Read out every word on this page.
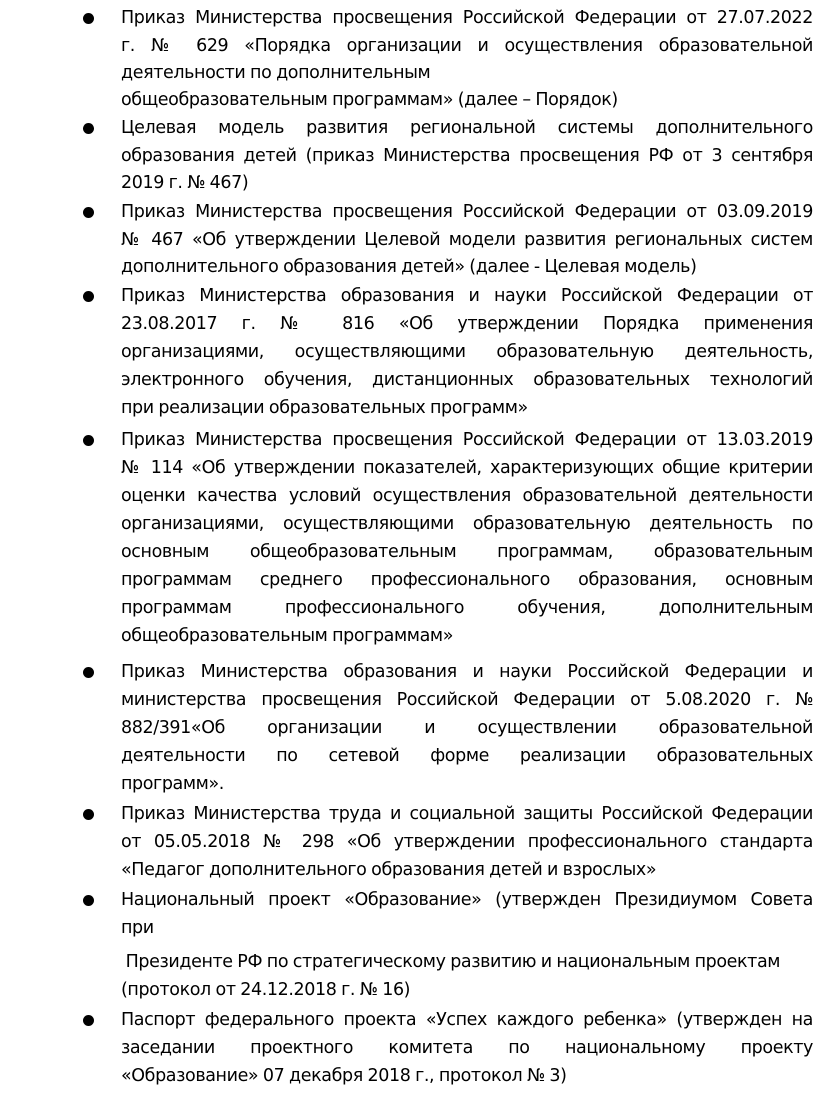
Приказ Министерства просвещения Российской Федерации от 27.07.2022
г. № 629 «Порядка организации и осуществления образовательной
деятельности по дополнительным
общеобразовательным программам» (далее – Порядок)
Целевая модель развития региональной системы дополнительного
образования детей (приказ Министерства просвещения РФ от 3 сентября
2019 г. № 467)
Приказ Министерства просвещения Российской Федерации от 03.09.2019
№ 467 «Об утверждении Целевой модели развития региональных систем
дополнительного образования детей» (далее - Целевая модель)
Приказ Министерства образования и науки Российской Федерации от
23.08.2017 г. № 816 «Об утверждении Порядка применения
организациями, осуществляющими образовательную деятельность,
электронного обучения, дистанционных образовательных технологий
при реализации образовательных программ»
Приказ Министерства просвещения Российской Федерации от 13.03.2019
№ 114 «Об утверждении показателей, характеризующих общие критерии
оценки качества условий осуществления образовательной деятельности
организациями, осуществляющими образовательную деятельность по
основным общеобразовательным программам, образовательным
программам среднего профессионального образования, основным
программам профессионального обучения, дополнительным
общеобразовательным программам»
Приказ Министерства образования и науки Российской Федерации и
министерства просвещения Российской Федерации от 5.08.2020 г. №
882/391«Об организации и осуществлении образовательной
деятельности по сетевой форме реализации образовательных
программ».
Приказ Министерства труда и социальной защиты Российской Федерации
от 05.05.2018 № 298 «Об утверждении профессионального стандарта
«Педагог дополнительного образования детей и взрослых»
Национальный проект «Образование» (утвержден Президиумом Совета
при
Президенте РФ по стратегическому развитию и национальным проектам
(протокол от 24.12.2018 г. № 16)
Паспорт федерального проекта «Успех каждого ребенка» (утвержден на
заседании проектного комитета по национальному проекту
«Образование» 07 декабря 2018 г., протокол № 3)
